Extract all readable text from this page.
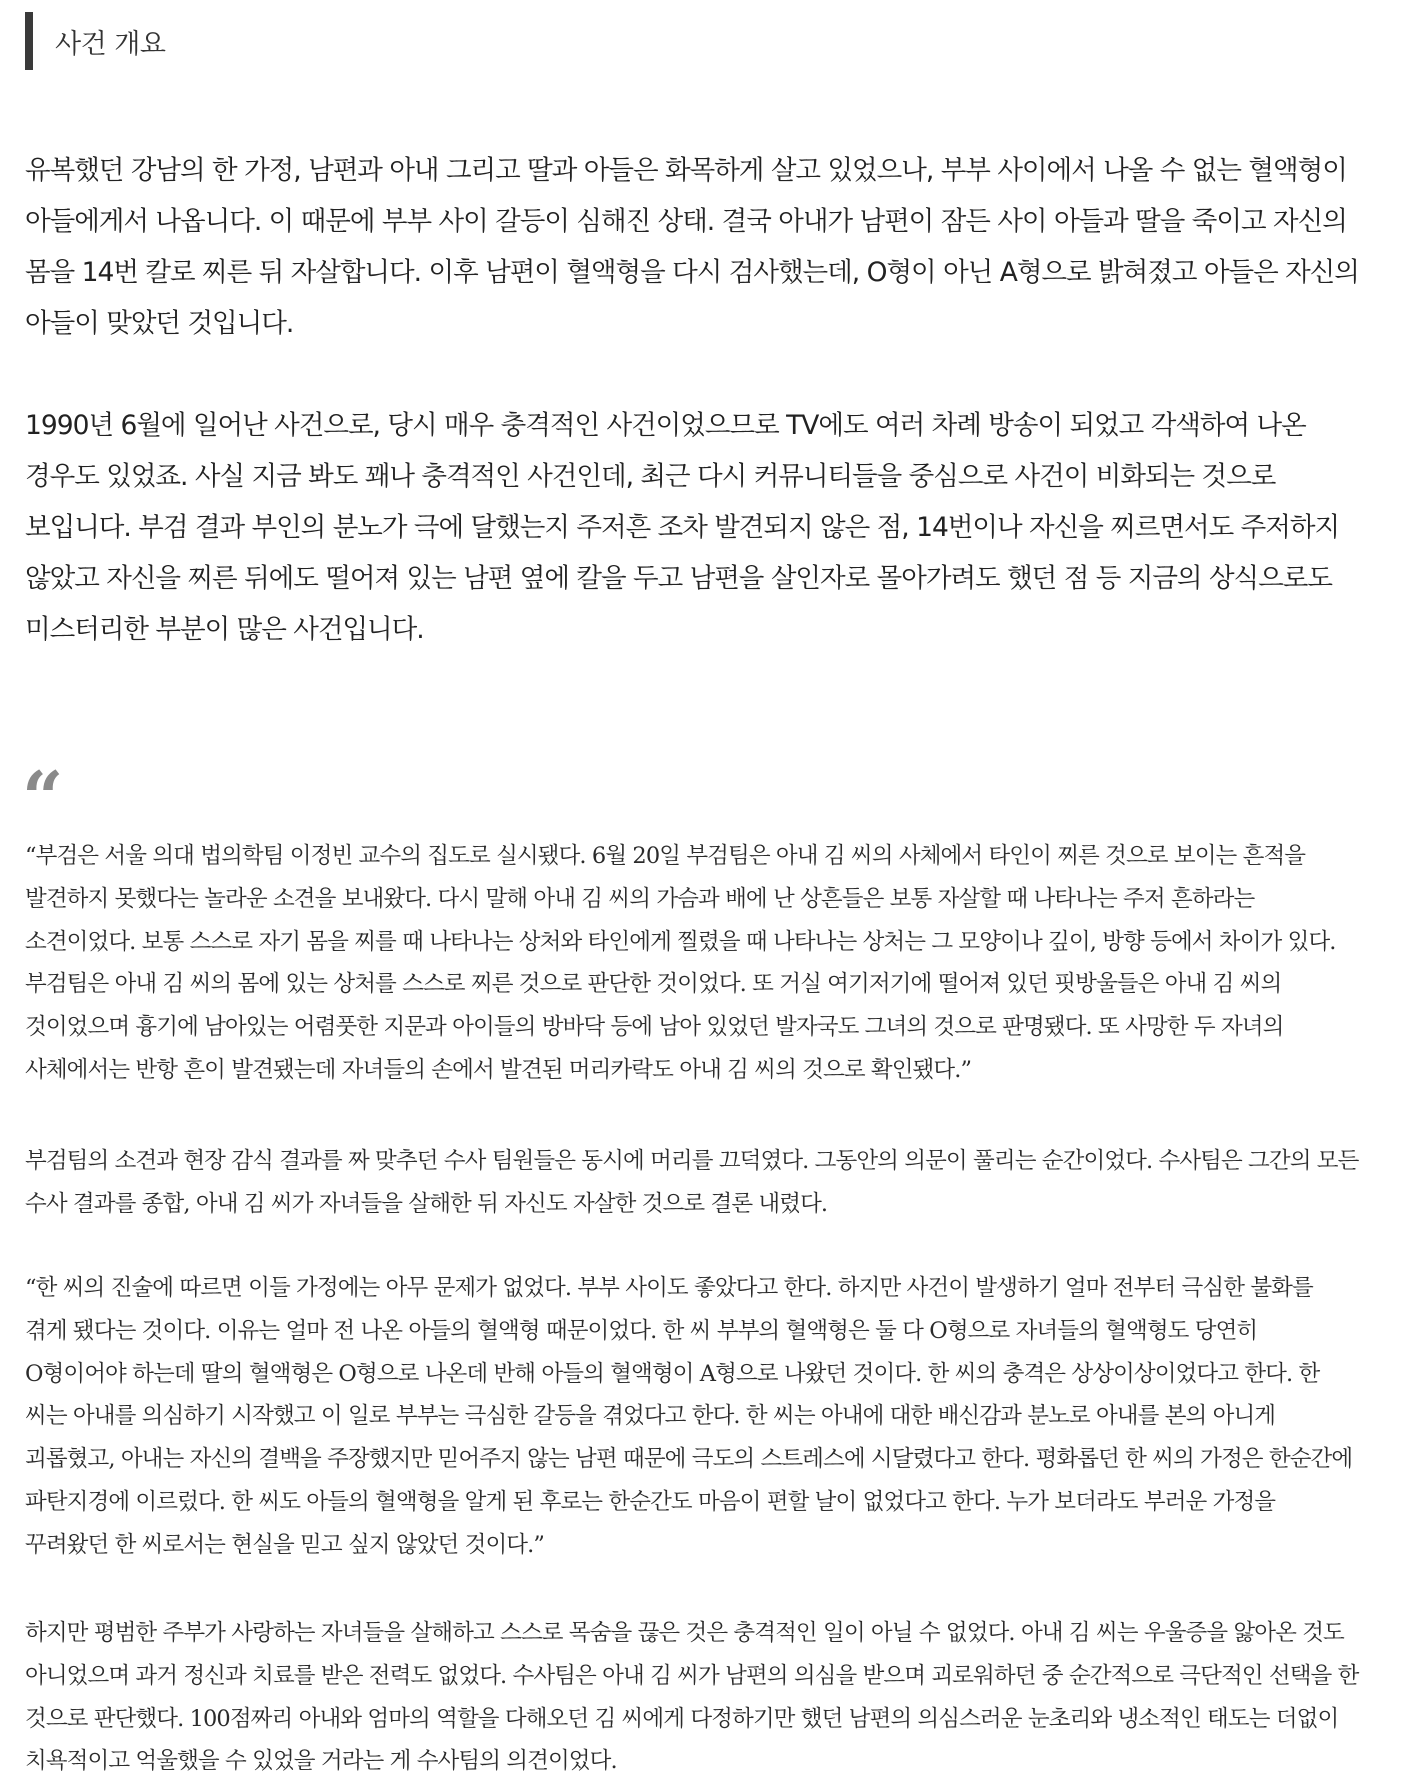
사건 개요

유복했던 강남의 한 가정, 남편과 아내 그리고 딸과 아들은 화목하게 살고 있었으나, 부부 사이에서 나올 수 없는 혈액형이 아들에게서 나옵니다. 이 때문에 부부 사이 갈등이 심해진 상태. 결국 아내가 남편이 잠든 사이 아들과 딸을 죽이고 자신의 몸을 14번 칼로 찌른 뒤 자살합니다. 이후 남편이 혈액형을 다시 검사했는데, O형이 아닌 A형으로 밝혀졌고 아들은 자신의 아들이 맞았던 것입니다.

1990년 6월에 일어난 사건으로, 당시 매우 충격적인 사건이었으므로 TV에도 여러 차례 방송이 되었고 각색하여 나온 경우도 있었죠. 사실 지금 봐도 꽤나 충격적인 사건인데, 최근 다시 커뮤니티들을 중심으로 사건이 비화되는 것으로 보입니다. 부검 결과 부인의 분노가 극에 달했는지 주저흔 조차 발견되지 않은 점, 14번이나 자신을 찌르면서도 주저하지 않았고 자신을 찌른 뒤에도 떨어져 있는 남편 옆에 칼을 두고 남편을 살인자로 몰아가려도 했던 점 등 지금의 상식으로도 미스터리한 부분이 많은 사건입니다.

“

“부검은 서울 의대 법의학팀 이정빈 교수의 집도로 실시됐다. 6월 20일 부검팀은 아내 김 씨의 사체에서 타인이 찌른 것으로 보이는 흔적을 발견하지 못했다는 놀라운 소견을 보내왔다. 다시 말해 아내 김 씨의 가슴과 배에 난 상흔들은 보통 자살할 때 나타나는 주저 흔하라는 소견이었다. 보통 스스로 자기 몸을 찌를 때 나타나는 상처와 타인에게 찔렸을 때 나타나는 상처는 그 모양이나 깊이, 방향 등에서 차이가 있다. 부검팀은 아내 김 씨의 몸에 있는 상처를 스스로 찌른 것으로 판단한 것이었다. 또 거실 여기저기에 떨어져 있던 핏방울들은 아내 김 씨의 것이었으며 흉기에 남아있는 어렴풋한 지문과 아이들의 방바닥 등에 남아 있었던 발자국도 그녀의 것으로 판명됐다. 또 사망한 두 자녀의 사체에서는 반항 흔이 발견됐는데 자녀들의 손에서 발견된 머리카락도 아내 김 씨의 것으로 확인됐다.”

부검팀의 소견과 현장 감식 결과를 짜 맞추던 수사 팀원들은 동시에 머리를 끄덕였다. 그동안의 의문이 풀리는 순간이었다. 수사팀은 그간의 모든 수사 결과를 종합, 아내 김 씨가 자녀들을 살해한 뒤 자신도 자살한 것으로 결론 내렸다.

“한 씨의 진술에 따르면 이들 가정에는 아무 문제가 없었다. 부부 사이도 좋았다고 한다. 하지만 사건이 발생하기 얼마 전부터 극심한 불화를 겪게 됐다는 것이다. 이유는 얼마 전 나온 아들의 혈액형 때문이었다. 한 씨 부부의 혈액형은 둘 다 O형으로 자녀들의 혈액형도 당연히 O형이어야 하는데 딸의 혈액형은 O형으로 나온데 반해 아들의 혈액형이 A형으로 나왔던 것이다. 한 씨의 충격은 상상이상이었다고 한다. 한 씨는 아내를 의심하기 시작했고 이 일로 부부는 극심한 갈등을 겪었다고 한다. 한 씨는 아내에 대한 배신감과 분노로 아내를 본의 아니게 괴롭혔고, 아내는 자신의 결백을 주장했지만 믿어주지 않는 남편 때문에 극도의 스트레스에 시달렸다고 한다. 평화롭던 한 씨의 가정은 한순간에 파탄지경에 이르렀다. 한 씨도 아들의 혈액형을 알게 된 후로는 한순간도 마음이 편할 날이 없었다고 한다. 누가 보더라도 부러운 가정을 꾸려왔던 한 씨로서는 현실을 믿고 싶지 않았던 것이다.”

하지만 평범한 주부가 사랑하는 자녀들을 살해하고 스스로 목숨을 끊은 것은 충격적인 일이 아닐 수 없었다. 아내 김 씨는 우울증을 앓아온 것도 아니었으며 과거 정신과 치료를 받은 전력도 없었다. 수사팀은 아내 김 씨가 남편의 의심을 받으며 괴로워하던 중 순간적으로 극단적인 선택을 한 것으로 판단했다. 100점짜리 아내와 엄마의 역할을 다해오던 김 씨에게 다정하기만 했던 남편의 의심스러운 눈초리와 냉소적인 태도는 더없이 치욕적이고 억울했을 수 있었을 거라는 게 수사팀의 의견이었다.
